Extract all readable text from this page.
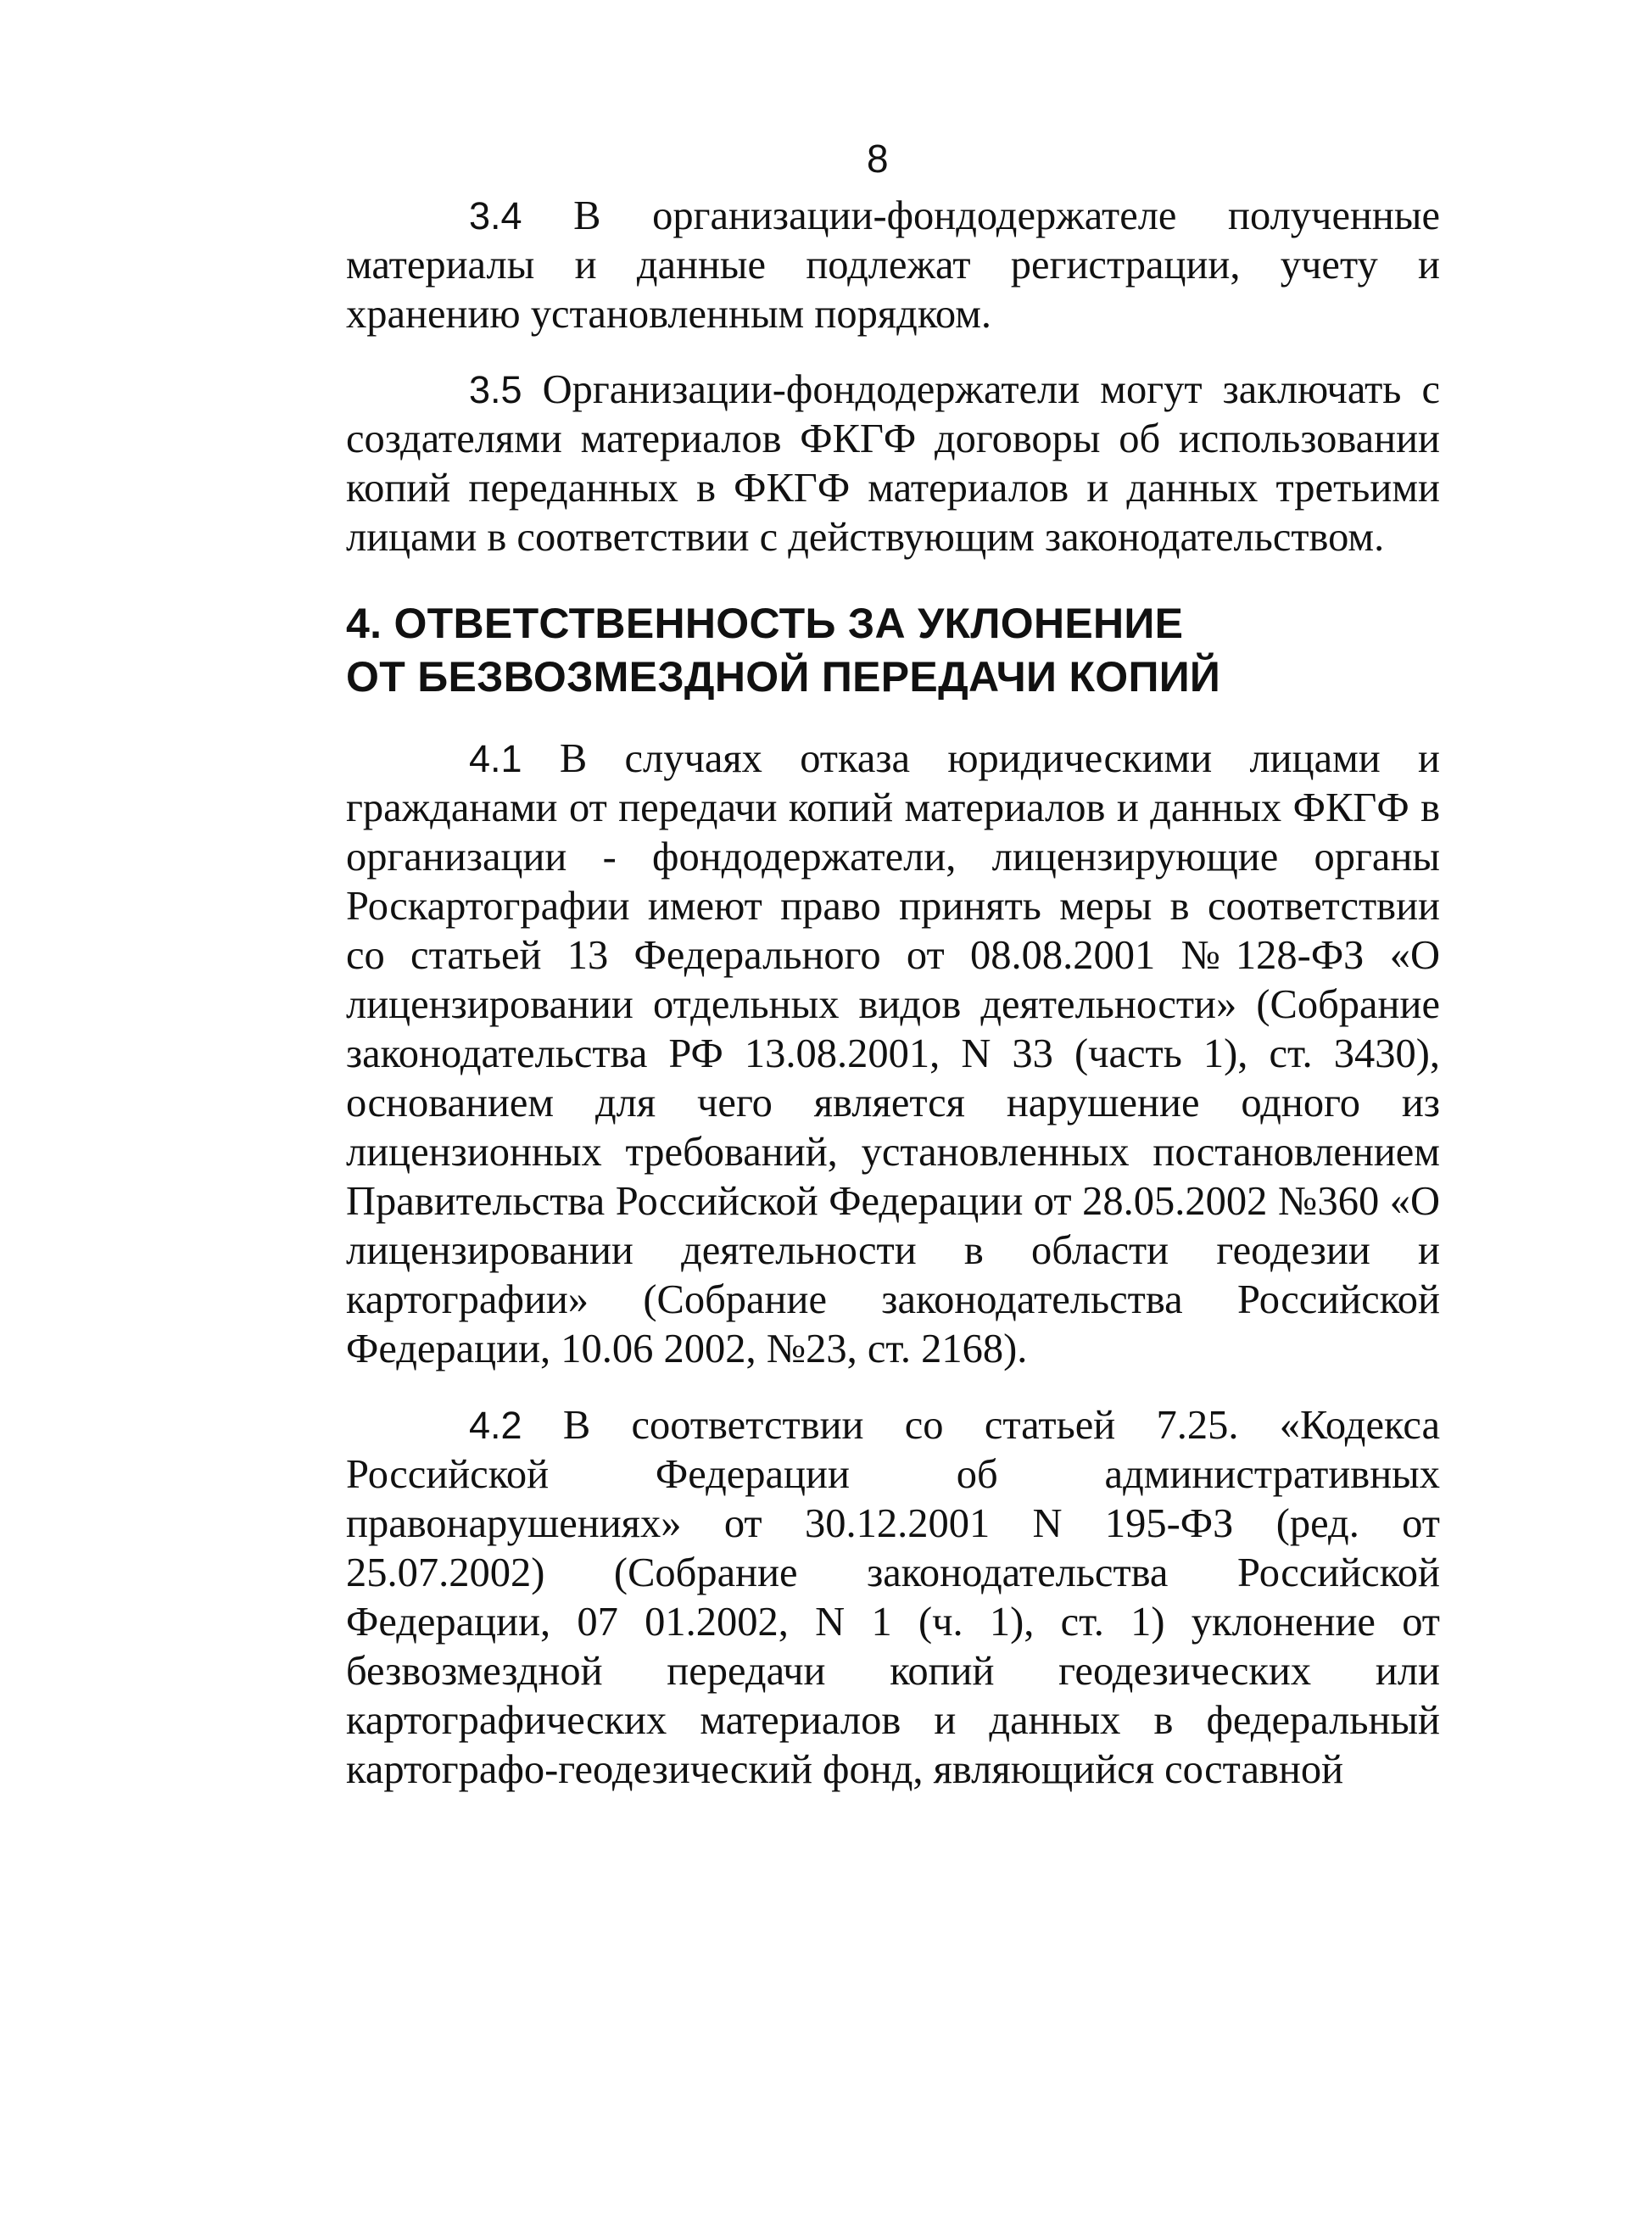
8

3.4 В организации-фондодержателе полученные материалы и данные подлежат регистрации, учету и хранению установленным порядком.

3.5 Организации-фондодержатели могут заключать с создателями материалов ФКГФ договоры об использовании копий переданных в ФКГФ материалов и данных третьими лицами в соответствии с действующим законодательством.

4. ОТВЕТСТВЕННОСТЬ ЗА УКЛОНЕНИЕ
ОТ БЕЗВОЗМЕЗДНОЙ ПЕРЕДАЧИ КОПИЙ

4.1 В случаях отказа юридическими лицами и гражданами от передачи копий материалов и данных ФКГФ в организации - фондодержатели, лицензирующие органы Роскартографии имеют право принять меры в соответствии со статьей 13 Федерального от 08.08.2001 №128-ФЗ «О лицензировании отдельных видов деятельности» (Собрание законодательства РФ 13.08.2001, N 33 (часть 1), ст. 3430), основанием для чего является нарушение одного из лицензионных требований, установленных постановлением Правительства Российской Федерации от 28.05.2002 №360 «О лицензировании деятельности в области геодезии и картографии» (Собрание законодательства Российской Федерации, 10.06 2002, №23, ст. 2168).

4.2 В соответствии со статьей 7.25. «Кодекса Российской Федерации об административных правонарушениях» от 30.12.2001 N 195-ФЗ (ред. от 25.07.2002) (Собрание законодательства Российской Федерации, 07 01.2002, N 1 (ч. 1), ст. 1) уклонение от безвозмездной передачи копий геодезических или картографических материалов и данных в федеральный картографо-геодезический фонд, являющийся составной
